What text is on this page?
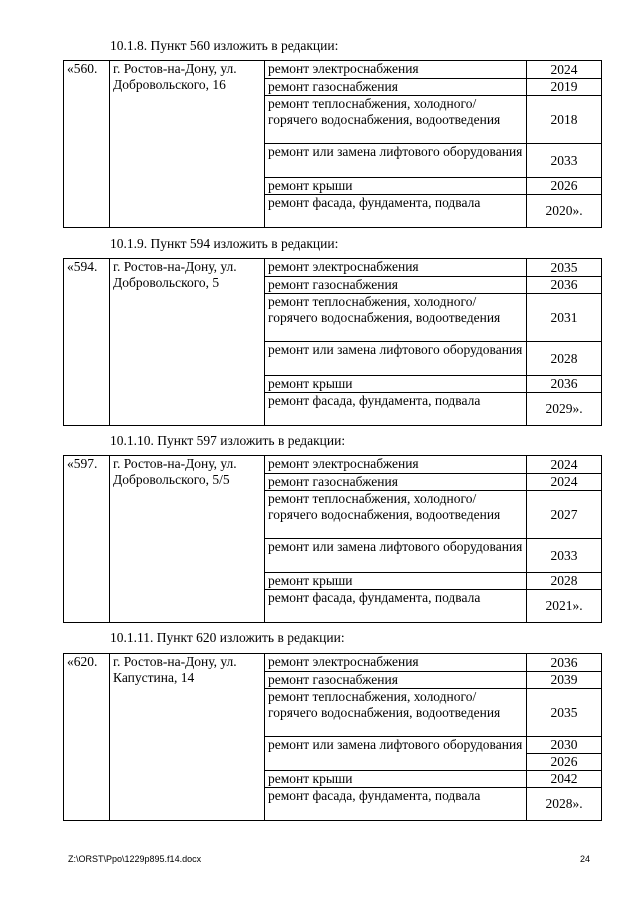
10.1.8. Пункт 560 изложить в редакции:
«560.	г. Ростов-на-Дону, ул. Добровольского, 16	ремонт электроснабжения	2024
		ремонт газоснабжения	2019
		ремонт теплоснабжения, холодного/горячего водоснабжения, водоотведения	2018
		ремонт или замена лифтового оборудования	2033
		ремонт крыши	2026
		ремонт фасада, фундамента, подвала	2020».
10.1.9. Пункт 594 изложить в редакции:
«594.	г. Ростов-на-Дону, ул. Добровольского, 5	ремонт электроснабжения	2035
		ремонт газоснабжения	2036
		ремонт теплоснабжения, холодного/горячего водоснабжения, водоотведения	2031
		ремонт или замена лифтового оборудования	2028
		ремонт крыши	2036
		ремонт фасада, фундамента, подвала	2029».
10.1.10. Пункт 597 изложить в редакции:
«597.	г. Ростов-на-Дону, ул. Добровольского, 5/5	ремонт электроснабжения	2024
		ремонт газоснабжения	2024
		ремонт теплоснабжения, холодного/горячего водоснабжения, водоотведения	2027
		ремонт или замена лифтового оборудования	2033
		ремонт крыши	2028
		ремонт фасада, фундамента, подвала	2021».
10.1.11. Пункт 620 изложить в редакции:
«620.	г. Ростов-на-Дону, ул. Капустина, 14	ремонт электроснабжения	2036
		ремонт газоснабжения	2039
		ремонт теплоснабжения, холодного/горячего водоснабжения, водоотведения	2035
		ремонт или замена лифтового оборудования	2030
			2026
		ремонт крыши	2042
		ремонт фасада, фундамента, подвала	2028».
Z:\ORST\Ppo\1229p895.f14.docx	24
